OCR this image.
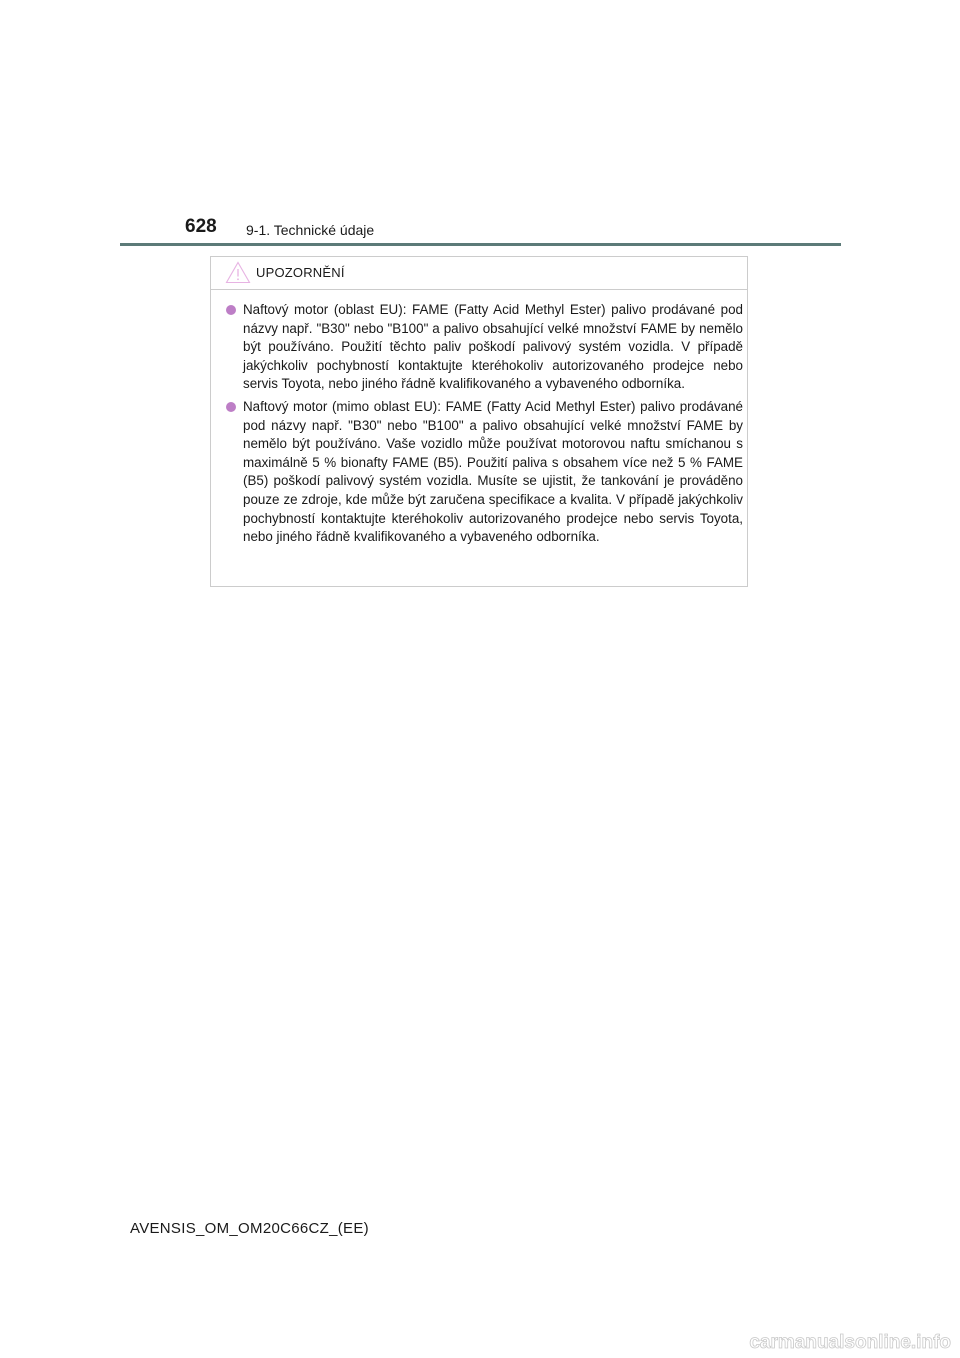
628 9-1. Technické údaje
UPOZORNĚNÍ
Naftový motor (oblast EU): FAME (Fatty Acid Methyl Ester) palivo prodávané pod názvy např. "B30" nebo "B100" a palivo obsahující velké množství FAME by nemělo být používáno. Použití těchto paliv poškodí palivový systém vozidla. V případě jakýchkoliv pochybností kontaktujte kteréhokoliv autorizovaného prodejce nebo servis Toyota, nebo jiného řádně kvalifikovaného a vybaveného odborníka.
Naftový motor (mimo oblast EU): FAME (Fatty Acid Methyl Ester) palivo prodávané pod názvy např. "B30" nebo "B100" a palivo obsahující velké množství FAME by nemělo být používáno. Vaše vozidlo může používat motorovou naftu smíchanou s maximálně 5 % bionafty FAME (B5). Použití paliva s obsahem více než 5 % FAME (B5) poškodí palivový systém vozidla. Musíte se ujistit, že tankování je prováděno pouze ze zdroje, kde může být zaručena specifikace a kvalita. V případě jakýchkoliv pochybností kontaktujte kteréhokoliv autorizovaného prodejce nebo servis Toyota, nebo jiného řádně kvalifikovaného a vybaveného odborníka.
AVENSIS_OM_OM20C66CZ_(EE)
carmanualsonline.info
